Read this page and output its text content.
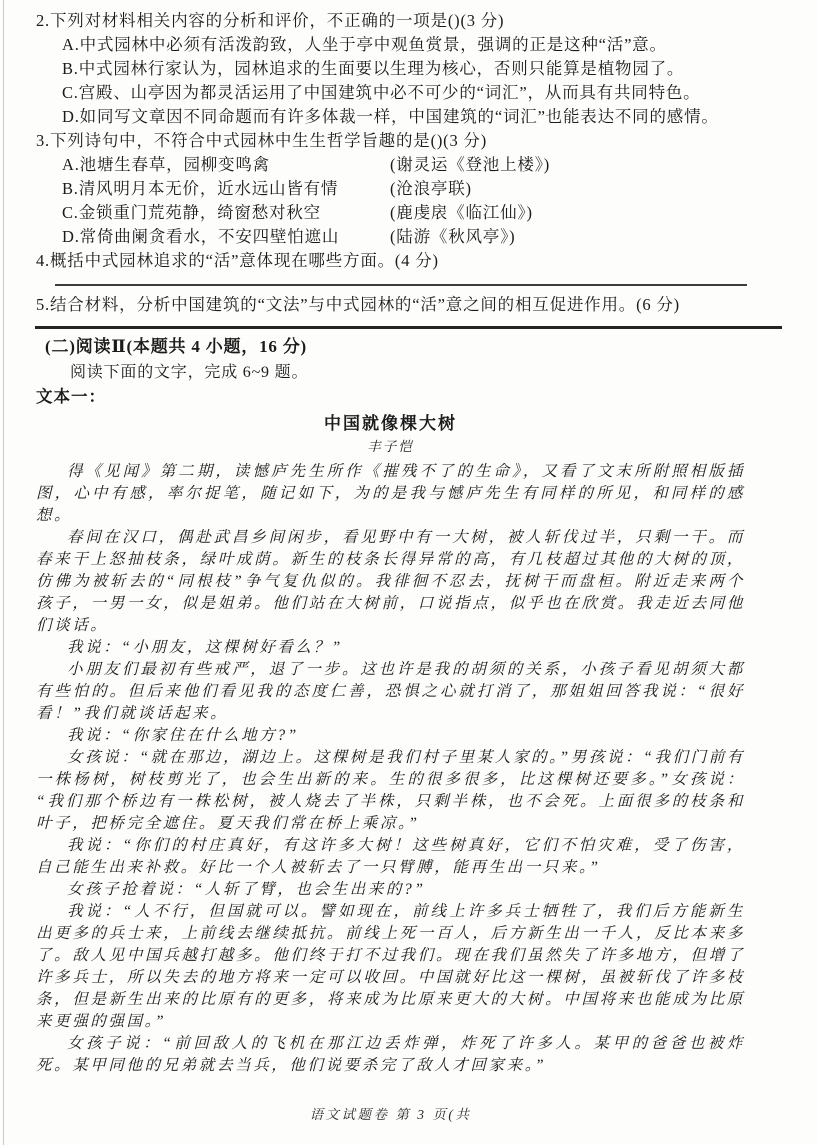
2.下列对材料相关内容的分析和评价，不正确的一项是()(3 分)

A.中式园林中必须有活泼韵致，人坐于亭中观鱼赏景，强调的正是这种“活”意。

B.中式园林行家认为，园林追求的生面要以生理为核心，否则只能算是植物园了。

C.宫殿、山亭因为都灵活运用了中国建筑中必不可少的“词汇”，从而具有共同特色。

D.如同写文章因不同命题而有许多体裁一样，中国建筑的“词汇”也能表达不同的感情。

3.下列诗句中，不符合中式园林中生生哲学旨趣的是()(3 分)

A.池塘生春草，园柳变鸣禽	(谢灵运《登池上楼》)
B.清风明月本无价，近水远山皆有情	(沧浪亭联)
C.金锁重门荒苑静，绮窗愁对秋空	(鹿虔扆《临江仙》)
D.常倚曲阑贪看水，不安四壁怕遮山	(陆游《秋风亭》)

4.概括中式园林追求的“活”意体现在哪些方面。(4 分)

5.结合材料，分析中国建筑的“文法”与中式园林的“活”意之间的相互促进作用。(6 分)

(二)阅读Ⅱ(本题共 4 小题，16 分)

阅读下面的文字，完成 6~9 题。

文本一：

中国就像棵大树

丰子恺

得《见闻》第二期，读憾庐先生所作《摧残不了的生命》，又看了文末所附照相版插图，心中有感，率尔捉笔，随记如下，为的是我与憾庐先生有同样的所见，和同样的感想。

春间在汉口，偶赴武昌乡间闲步，看见野中有一大树，被人斩伐过半，只剩一干。而春来干上怒抽枝条，绿叶成荫。新生的枝条长得异常的高，有几枝超过其他的大树的顶，仿佛为被斩去的“同根枝”争气复仇似的。我徘徊不忍去，抚树干而盘桓。附近走来两个孩子，一男一女，似是姐弟。他们站在大树前，口说指点，似乎也在欣赏。我走近去同他们谈话。

我说：“小朋友，这棵树好看么？”

小朋友们最初有些戒严，退了一步。这也许是我的胡须的关系，小孩子看见胡须大都有些怕的。但后来他们看见我的态度仁善，恐惧之心就打消了，那姐姐回答我说：“很好看！”我们就谈话起来。

我说：“你家住在什么地方?”

女孩说：“就在那边，湖边上。这棵树是我们村子里某人家的。”男孩说：“我们门前有一株杨树，树枝剪光了，也会生出新的来。生的很多很多，比这棵树还要多。”女孩说：“我们那个桥边有一株松树，被人烧去了半株，只剩半株，也不会死。上面很多的枝条和叶子，把桥完全遮住。夏天我们常在桥上乘凉。”

我说：“你们的村庄真好，有这许多大树！这些树真好，它们不怕灾难，受了伤害，自己能生出来补救。好比一个人被斩去了一只臂膊，能再生出一只来。”

女孩子抢着说：“人斩了臂，也会生出来的?”

我说：“人不行，但国就可以。譬如现在，前线上许多兵士牺牲了，我们后方能新生出更多的兵士来，上前线去继续抵抗。前线上死一百人，后方新生出一千人，反比本来多了。敌人见中国兵越打越多。他们终于打不过我们。现在我们虽然失了许多地方，但增了许多兵士，所以失去的地方将来一定可以收回。中国就好比这一棵树，虽被斩伐了许多枝条，但是新生出来的比原有的更多，将来成为比原来更大的大树。中国将来也能成为比原来更强的强国。”

女孩子说：“前回敌人的飞机在那江边丢炸弹，炸死了许多人。某甲的爸爸也被炸死。某甲同他的兄弟就去当兵，他们说要杀完了敌人才回家来。”

语文试题卷 第 3 页(共
